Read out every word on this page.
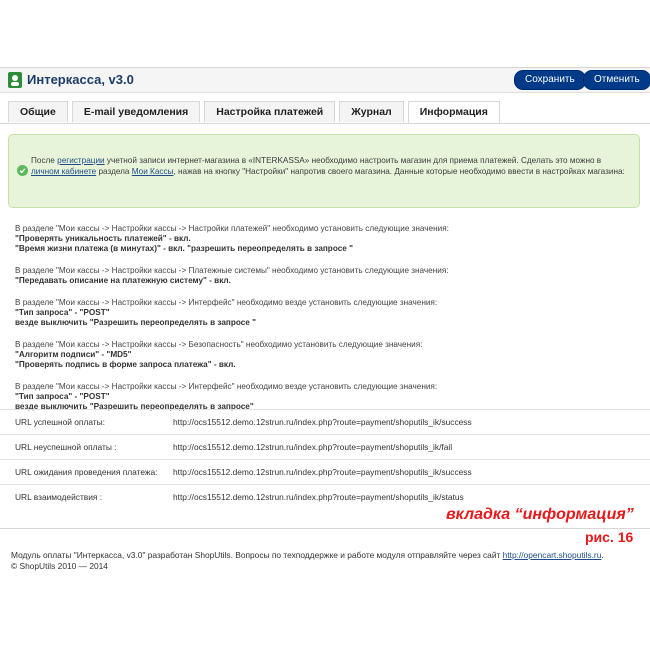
Интеркасса, v3.0	Сохранить	Отменить
Общие	E-mail уведомления	Настройка платежей	Журнал	Информация
После регистрации учетной записи интернет-магазина в «INTERKASSA» необходимо настроить магазин для приема платежей. Сделать это можно в личном кабинете раздела Мои Кассы, нажав на кнопку "Настройки" напротив своего магазина. Данные которые необходимо ввести в настройках магазина:
В разделе "Мои кассы -> Настройки кассы -> Настройки платежей" необходимо установить следующие значения:
"Проверять уникальность платежей" - вкл.
"Время жизни платежа (в минутах)" - вкл. "разрешить переопределять в запросе "
В разделе "Мои кассы -> Настройки кассы -> Платежные системы" необходимо установить следующие значения:
"Передавать описание на платежную систему" - вкл.
В разделе "Мои кассы -> Настройки кассы -> Интерфейс" необходимо везде установить следующие значения:
"Тип запроса" - "POST"
везде выключить "Разрешить переопределять в запросе "
В разделе "Мои кассы -> Настройки кассы -> Безопасность" необходимо установить следующие значения:
"Алгоритм подписи" - "MD5"
"Проверять подпись в форме запроса платежа" - вкл.
В разделе "Мои кассы -> Настройки кассы -> Интерфейс" необходимо везде установить следующие значения:
"Тип запроса" - "POST"
везде выключить "Разрешить переопределять в запросе"
URL успешной оплаты:	http://ocs15512.demo.12strun.ru/index.php?route=payment/shoputils_ik/success
URL неуспешной оплаты :	http://ocs15512.demo.12strun.ru/index.php?route=payment/shoputils_ik/fail
URL ожидания проведения платежа:	http://ocs15512.demo.12strun.ru/index.php?route=payment/shoputils_ik/success
URL взаимодействия :	http://ocs15512.demo.12strun.ru/index.php?route=payment/shoputils_ik/status
вкладка “информация”
рис. 16
Модуль оплаты "Интеркасса, v3.0" разработан ShopUtils. Вопросы по техподдержке и работе модуля отправляйте через сайт http://opencart.shoputils.ru.
© ShopUtils 2010 — 2014
